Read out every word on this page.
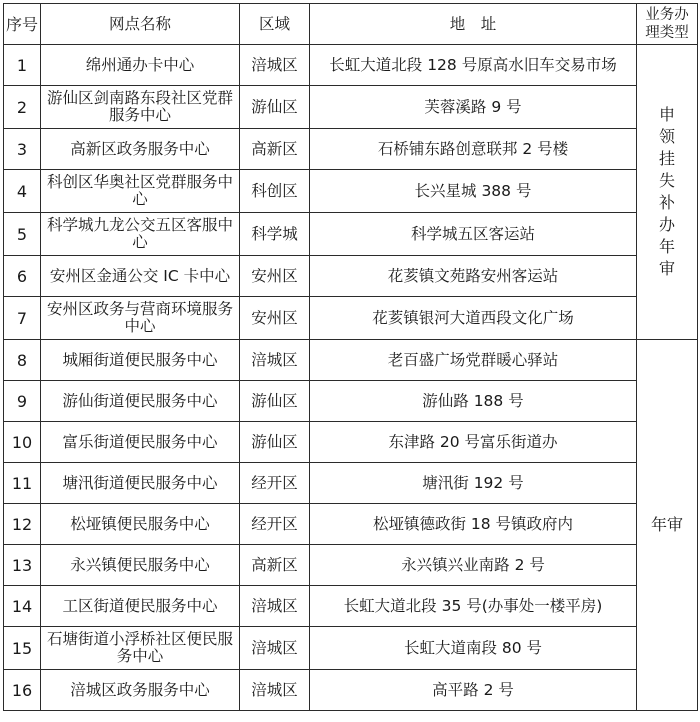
序号	网点名称	区域	地　址	业务办理类型
1	绵州通办卡中心	涪城区	长虹大道北段 128 号原高水旧车交易市场	申领挂失补办年审
2	游仙区剑南路东段社区党群服务中心	游仙区	芙蓉溪路 9 号	
3	高新区政务服务中心	高新区	石桥铺东路创意联邦 2 号楼	
4	科创区华奥社区党群服务中心	科创区	长兴星城 388 号	
5	科学城九龙公交五区客服中心	科学城	科学城五区客运站	
6	安州区金通公交 IC 卡中心	安州区	花荄镇文苑路安州客运站	
7	安州区政务与营商环境服务中心	安州区	花荄镇银河大道西段文化广场	
8	城厢街道便民服务中心	涪城区	老百盛广场党群暖心驿站	年审
9	游仙街道便民服务中心	游仙区	游仙路 188 号	
10	富乐街道便民服务中心	游仙区	东津路 20 号富乐街道办	
11	塘汛街道便民服务中心	经开区	塘汛街 192 号	
12	松垭镇便民服务中心	经开区	松垭镇德政街 18 号镇政府内	
13	永兴镇便民服务中心	高新区	永兴镇兴业南路 2 号	
14	工区街道便民服务中心	涪城区	长虹大道北段 35 号(办事处一楼平房)	
15	石塘街道小浮桥社区便民服务中心	涪城区	长虹大道南段 80 号	
16	涪城区政务服务中心	涪城区	高平路 2 号	
